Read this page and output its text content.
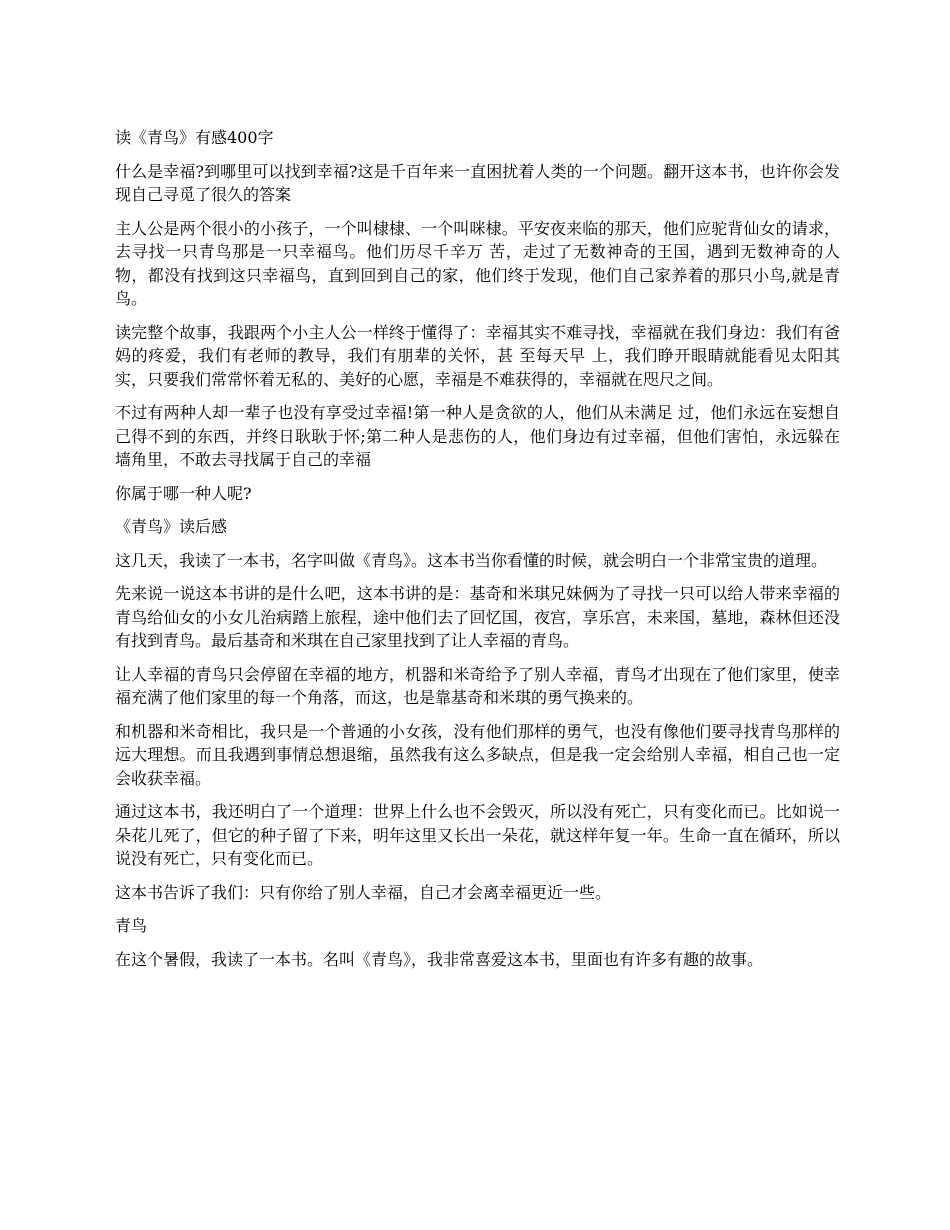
读《青鸟》有感400字

什么是幸福?到哪里可以找到幸福?这是千百年来一直困扰着人类的一个问题。翻开这本书，也许你会发现自己寻觅了很久的答案

主人公是两个很小的小孩子，一个叫棣棣、一个叫咪棣。平安夜来临的那天，他们应驼背仙女的请求，去寻找一只青鸟那是一只幸福鸟。他们历尽千辛万 苦，走过了无数神奇的王国，遇到无数神奇的人物，都没有找到这只幸福鸟，直到回到自己的家，他们终于发现，他们自己家养着的那只小鸟,就是青鸟。

读完整个故事，我跟两个小主人公一样终于懂得了：幸福其实不难寻找，幸福就在我们身边：我们有爸妈的疼爱，我们有老师的教导，我们有朋辈的关怀，甚 至每天早 上，我们睁开眼睛就能看见太阳其实，只要我们常常怀着无私的、美好的心愿，幸福是不难获得的，幸福就在咫尺之间。

不过有两种人却一辈子也没有享受过幸福!第一种人是贪欲的人，他们从未满足 过，他们永远在妄想自己得不到的东西，并终日耿耿于怀;第二种人是悲伤的人，他们身边有过幸福，但他们害怕，永远躲在墙角里，不敢去寻找属于自己的幸福

你属于哪一种人呢?

《青鸟》读后感

这几天，我读了一本书，名字叫做《青鸟》。这本书当你看懂的时候，就会明白一个非常宝贵的道理。

先来说一说这本书讲的是什么吧，这本书讲的是：基奇和米琪兄妹俩为了寻找一只可以给人带来幸福的青鸟给仙女的小女儿治病踏上旅程，途中他们去了回忆国，夜宫，享乐宫，未来国，墓地，森林但还没有找到青鸟。最后基奇和米琪在自己家里找到了让人幸福的青鸟。

让人幸福的青鸟只会停留在幸福的地方，机器和米奇给予了别人幸福，青鸟才出现在了他们家里，使幸福充满了他们家里的每一个角落，而这，也是靠基奇和米琪的勇气换来的。

和机器和米奇相比，我只是一个普通的小女孩，没有他们那样的勇气，也没有像他们要寻找青鸟那样的远大理想。而且我遇到事情总想退缩，虽然我有这么多缺点，但是我一定会给别人幸福，相自己也一定会收获幸福。

通过这本书，我还明白了一个道理：世界上什么也不会毁灭，所以没有死亡，只有变化而已。比如说一朵花儿死了，但它的种子留了下来，明年这里又长出一朵花，就这样年复一年。生命一直在循环，所以说没有死亡，只有变化而已。

这本书告诉了我们：只有你给了别人幸福，自己才会离幸福更近一些。

青鸟

在这个暑假，我读了一本书。名叫《青鸟》，我非常喜爱这本书，里面也有许多有趣的故事。
